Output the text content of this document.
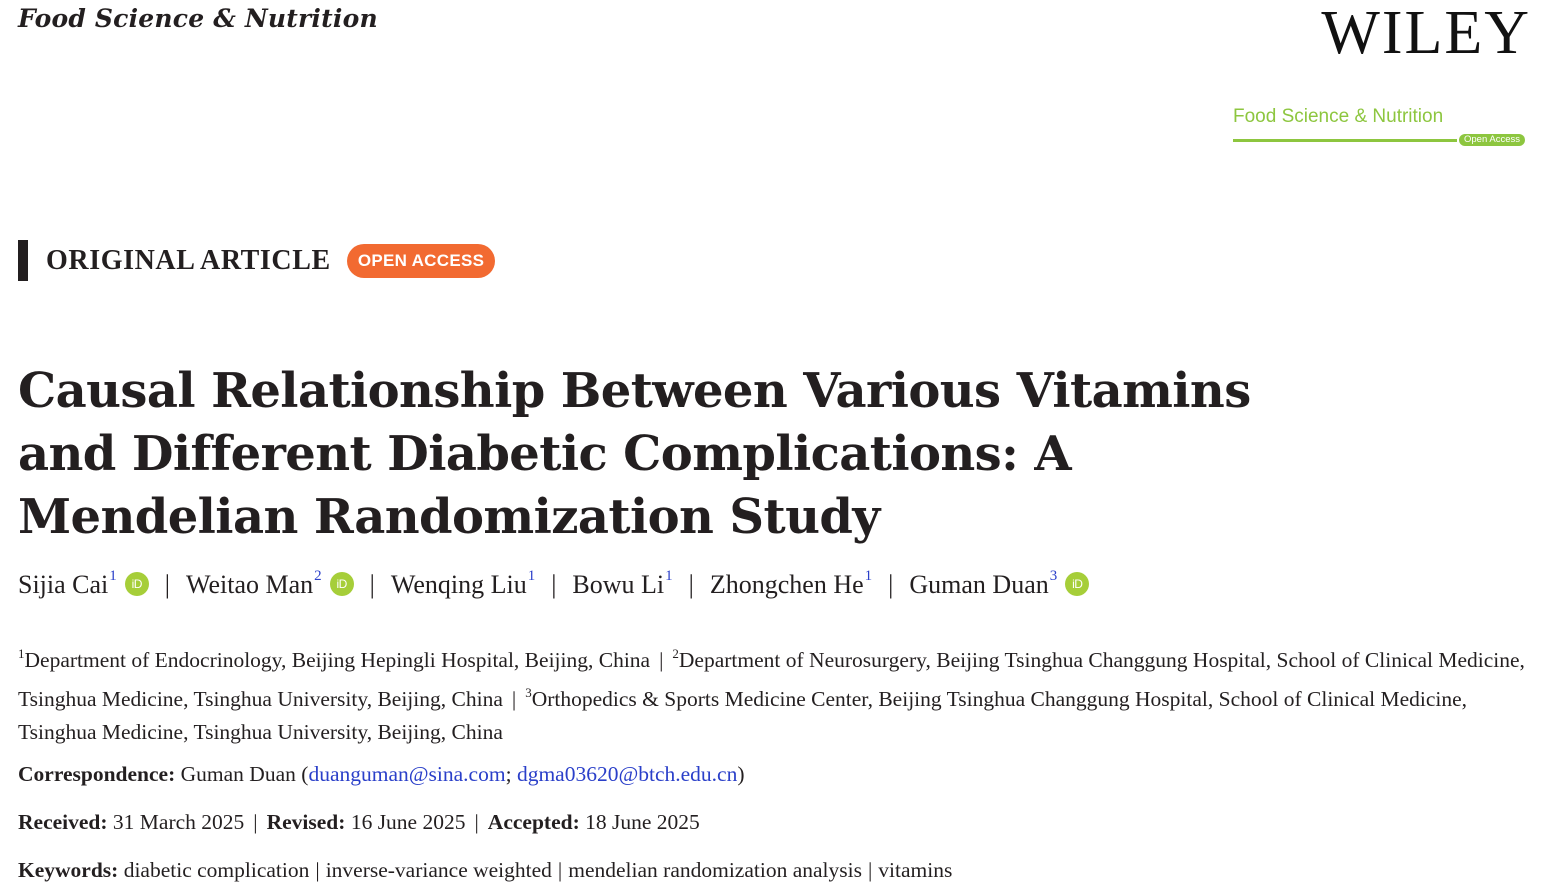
Food Science & Nutrition	WILEY
Food Science & Nutrition
Open Access
ORIGINAL ARTICLE	OPEN ACCESS
Causal Relationship Between Various Vitamins and Different Diabetic Complications: A Mendelian Randomization Study
Sijia Cai$^1$	iD | Weitao Man$^2$	iD | Wenqing Liu$^1$ | Bowu Li$^1$ | Zhongchen He$^1$ | Guman Duan$^3$	iD

$^1$Department of Endocrinology, Beijing Hepingli Hospital, Beijing, China | $^2$Department of Neurosurgery, Beijing Tsinghua Changgung Hospital, School of Clinical Medicine, Tsinghua Medicine, Tsinghua University, Beijing, China | $^3$Orthopedics & Sports Medicine Center, Beijing Tsinghua Changgung Hospital, School of Clinical Medicine, Tsinghua Medicine, Tsinghua University, Beijing, China

Correspondence: Guman Duan (duanguman@sina.com; dgma03620@btch.edu.cn)
Received: 31 March 2025 | Revised: 16 June 2025 | Accepted: 18 June 2025
Keywords: diabetic complication | inverse-variance weighted | mendelian randomization analysis | vitamins
